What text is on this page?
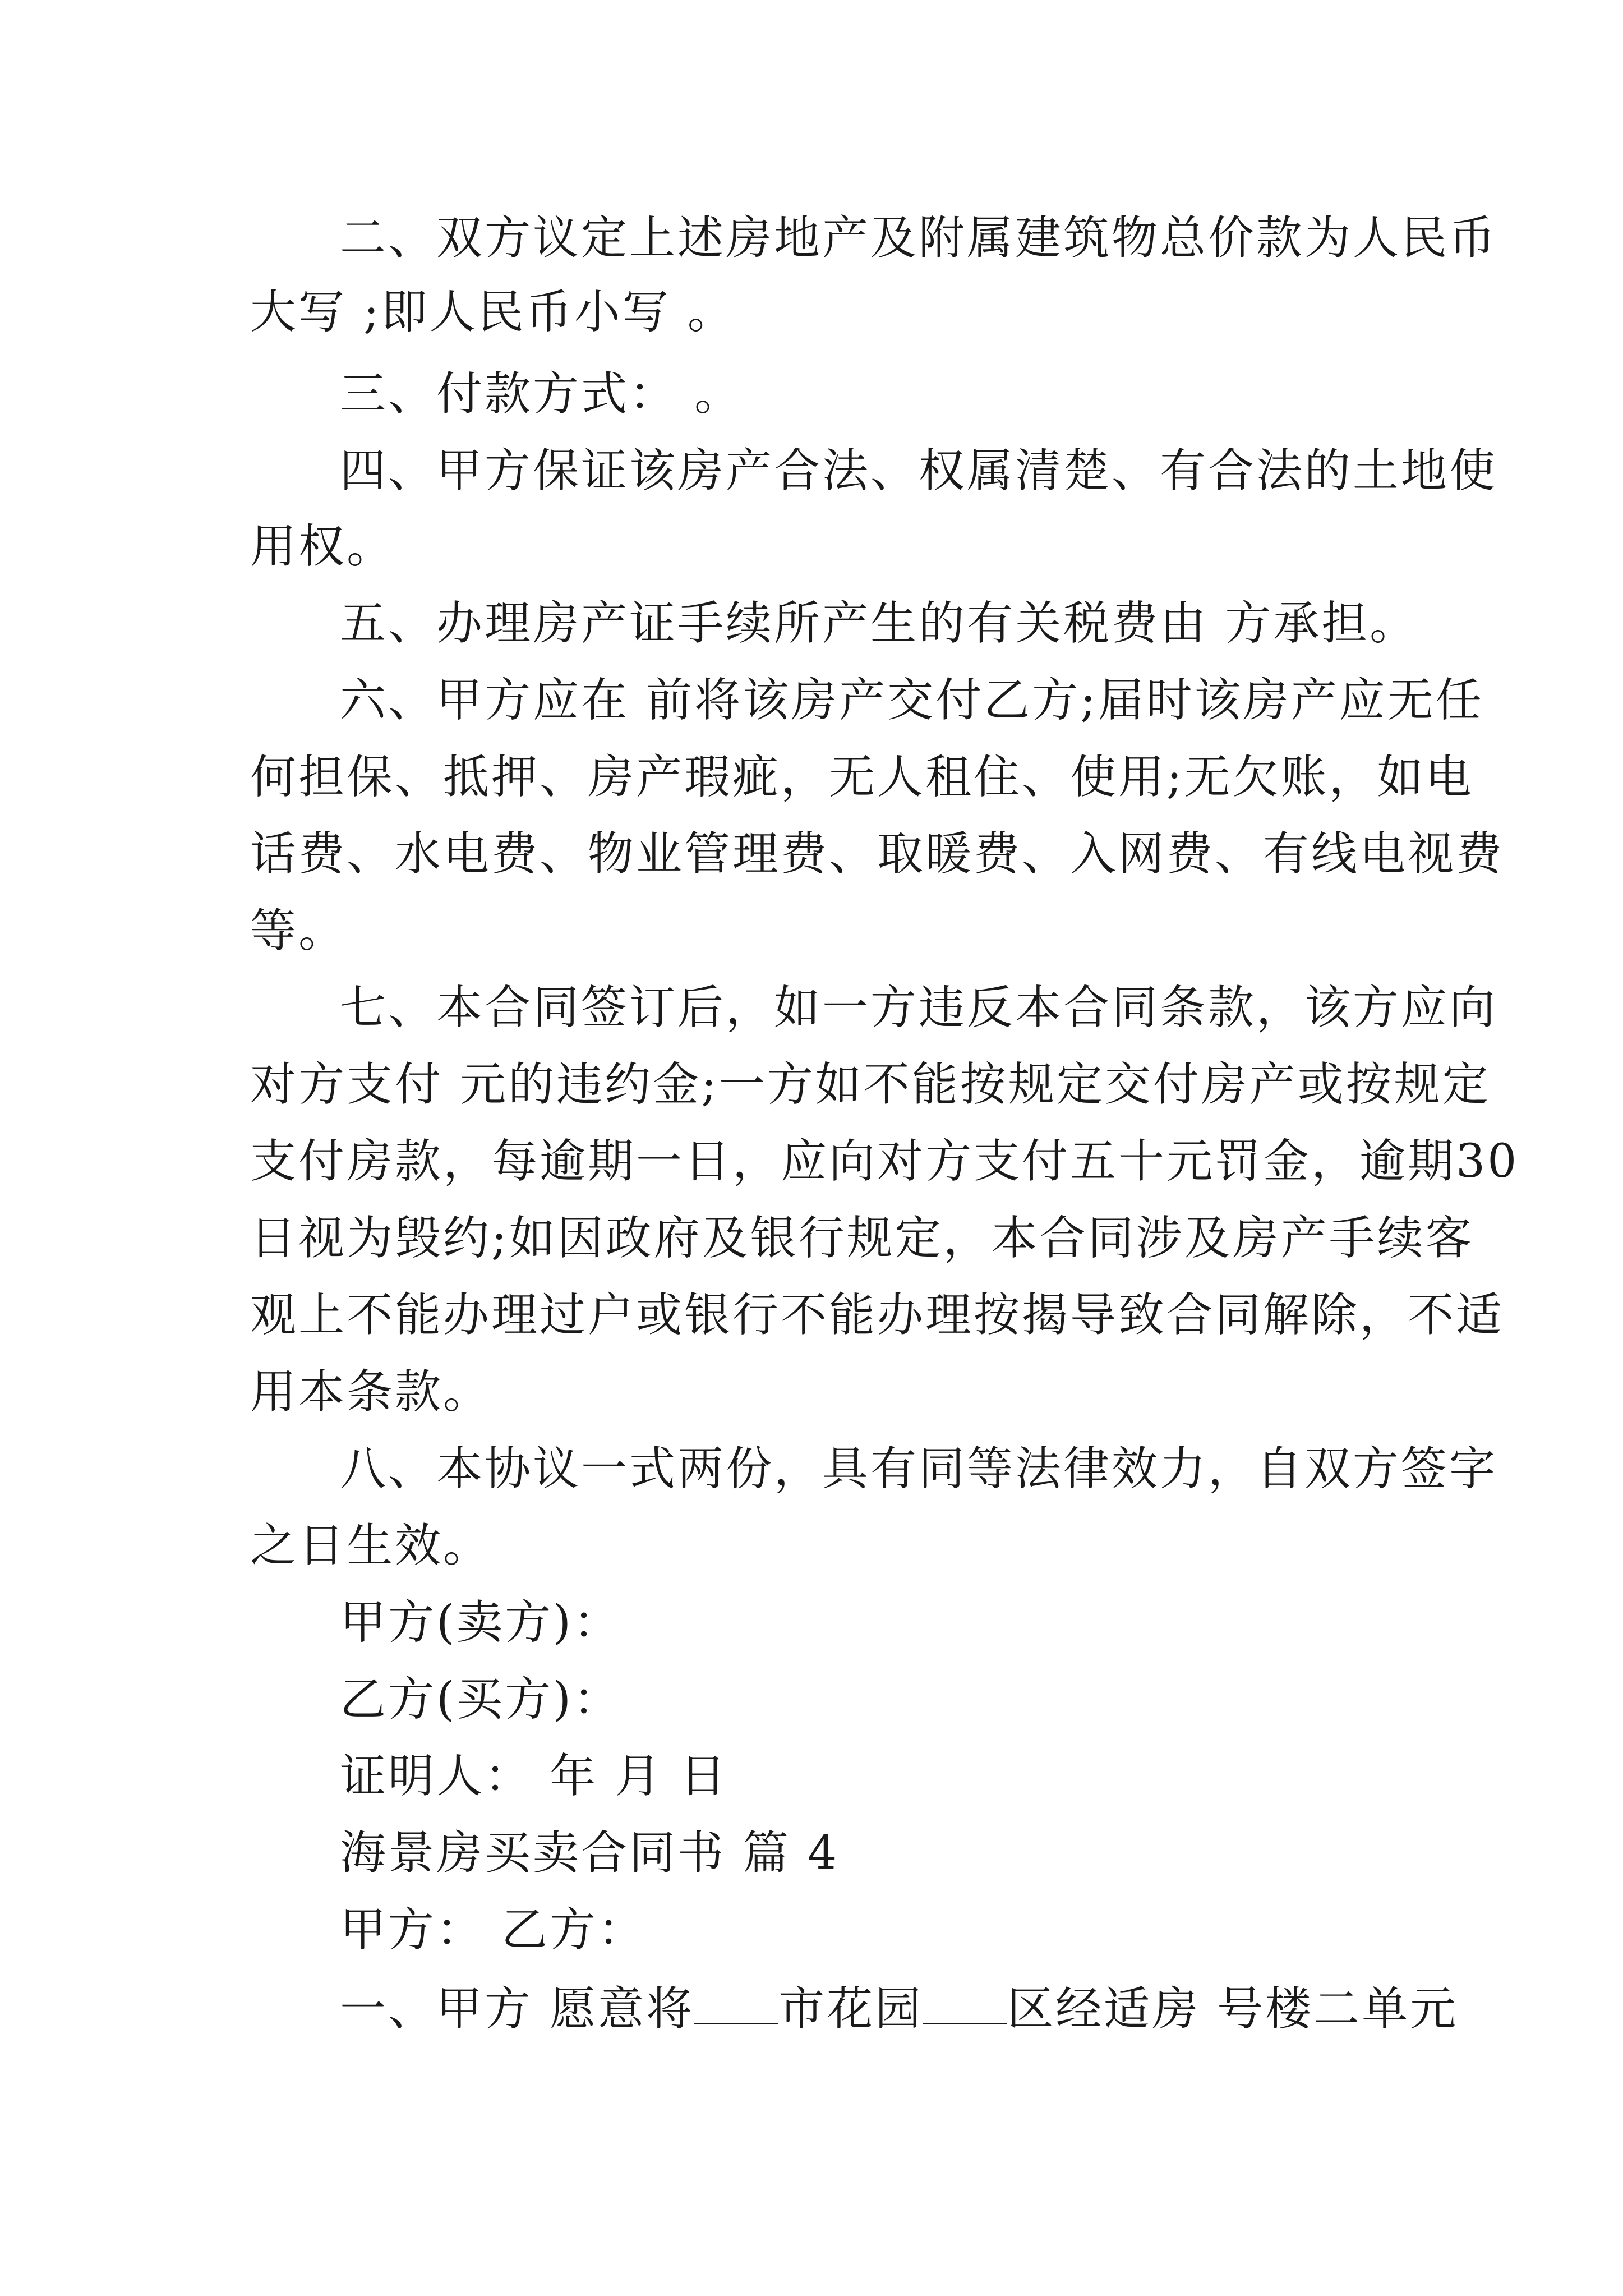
二、双方议定上述房地产及附属建筑物总价款为人民币
大写 ;即人民币小写 。
三、付款方式： 。
四、甲方保证该房产合法、权属清楚、有合法的土地使
用权。
五、办理房产证手续所产生的有关税费由 方承担。
六、甲方应在 前将该房产交付乙方;届时该房产应无任
何担保、抵押、房产瑕疵，无人租住、使用;无欠账，如电
话费、水电费、物业管理费、取暖费、入网费、有线电视费
等。
七、本合同签订后，如一方违反本合同条款，该方应向
对方支付 元的违约金;一方如不能按规定交付房产或按规定
支付房款，每逾期一日，应向对方支付五十元罚金，逾期30
日视为毁约;如因政府及银行规定，本合同涉及房产手续客
观上不能办理过户或银行不能办理按揭导致合同解除，不适
用本条款。
八、本协议一式两份，具有同等法律效力，自双方签字
之日生效。
甲方(卖方)：
乙方(买方)：
证明人： 年 月 日
海景房买卖合同书 篇 4
甲方： 乙方：
一、甲方 愿意将 市花园 区经适房 号楼二单元
